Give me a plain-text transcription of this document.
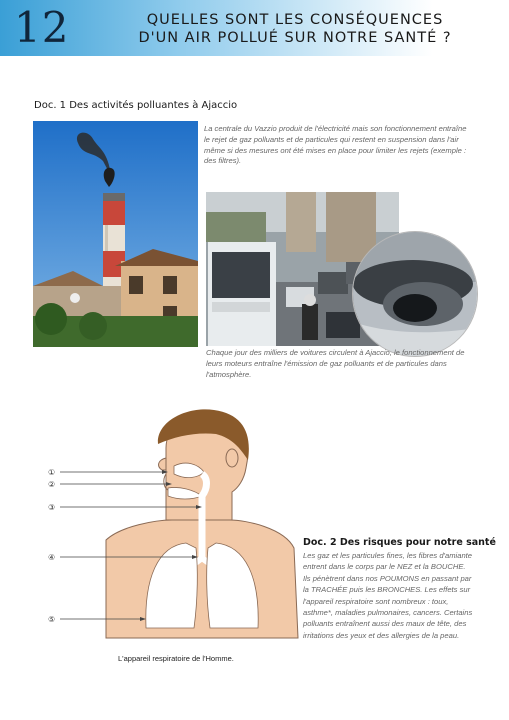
12	QUELLES SONT LES CONSÉQUENCES
D'UN AIR POLLUÉ SUR NOTRE SANTÉ ?
Doc. 1 Des activités polluantes à Ajaccio
La centrale du Vazzio produit de l'électricité mais son fonctionnement entraîne le rejet de gaz polluants et de particules qui restent en suspension dans l'air même si des mesures ont été mises en place pour limiter les rejets (exemple : des filtres).
Chaque jour des milliers de voitures circulent à Ajaccio, le fonctionnement de leurs moteurs entraîne l'émission de gaz polluants et de particules dans l'atmosphère.
①
②
③
④
⑤
L'appareil respiratoire de l'Homme.
Doc. 2 Des risques pour notre santé
Les gaz et les particules fines, les fibres d'amiante entrent dans le corps par le NEZ et la BOUCHE. Ils pénètrent dans nos POUMONS en passant par la TRACHÉE puis les BRONCHES. Les effets sur l'appareil respiratoire sont nombreux : toux, asthme*, maladies pulmonaires, cancers. Certains polluants entraînent aussi des maux de tête, des irritations des yeux et des allergies de la peau.
